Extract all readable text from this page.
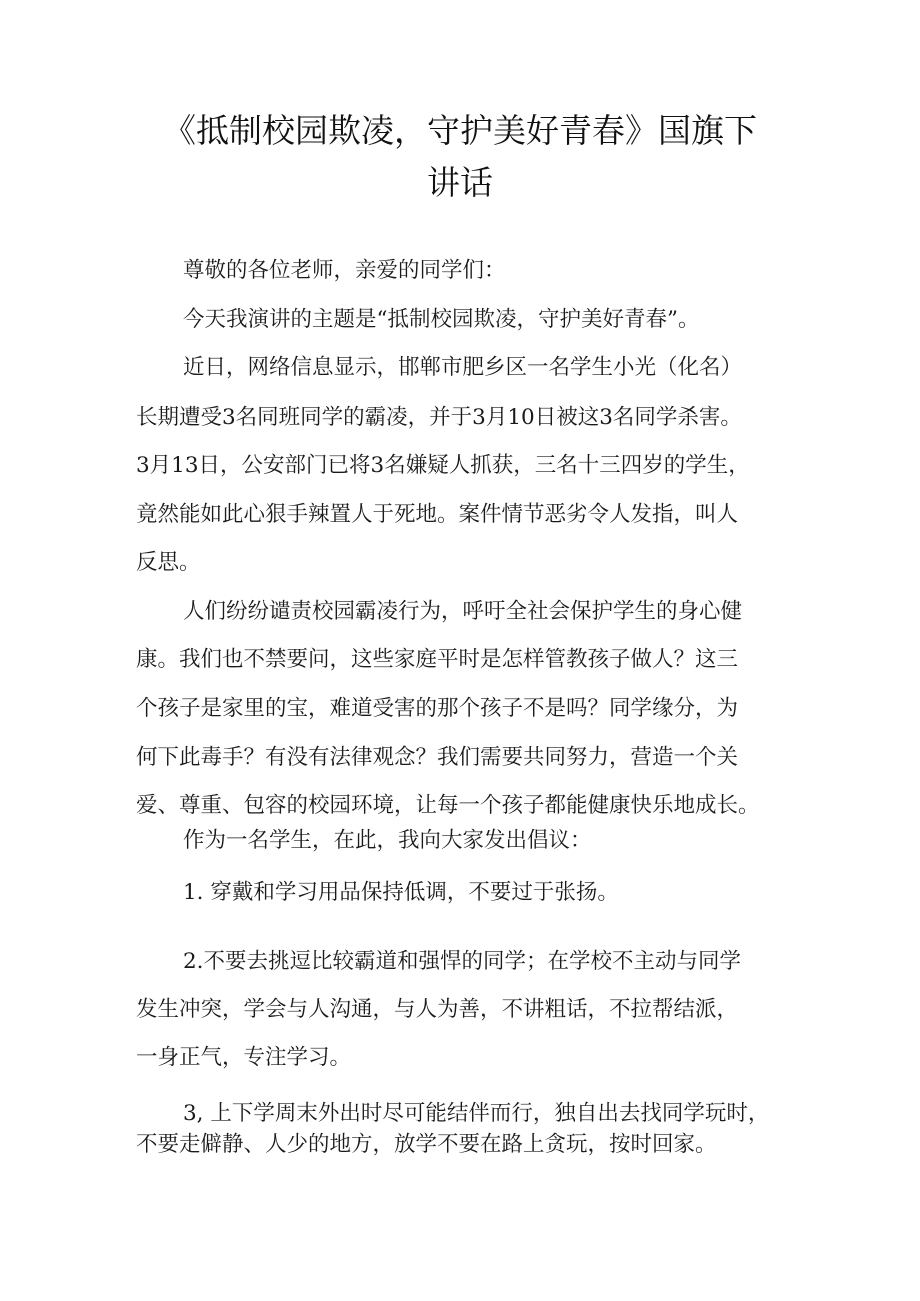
《抵制校园欺凌，守护美好青春》国旗下
讲话
尊敬的各位老师，亲爱的同学们：
今天我演讲的主题是“抵制校园欺凌，守护美好青春”。
近日，网络信息显示，邯郸市肥乡区一名学生小光（化名）
长期遭受3名同班同学的霸凌，并于3月10日被这3名同学杀害。
3月13日，公安部门已将3名嫌疑人抓获，三名十三四岁的学生，
竟然能如此心狠手辣置人于死地。案件情节恶劣令人发指，叫人
反思。
人们纷纷谴责校园霸凌行为，呼吁全社会保护学生的身心健
康。我们也不禁要问，这些家庭平时是怎样管教孩子做人？这三
个孩子是家里的宝，难道受害的那个孩子不是吗？同学缘分，为
何下此毒手？有没有法律观念？我们需要共同努力，营造一个关
爱、尊重、包容的校园环境，让每一个孩子都能健康快乐地成长。
作为一名学生，在此，我向大家发出倡议：
1. 穿戴和学习用品保持低调，不要过于张扬。
2.不要去挑逗比较霸道和强悍的同学；在学校不主动与同学
发生冲突，学会与人沟通，与人为善，不讲粗话，不拉帮结派，
一身正气，专注学习。
3, 上下学周末外出时尽可能结伴而行，独自出去找同学玩时，
不要走僻静、人少的地方，放学不要在路上贪玩，按时回家。
